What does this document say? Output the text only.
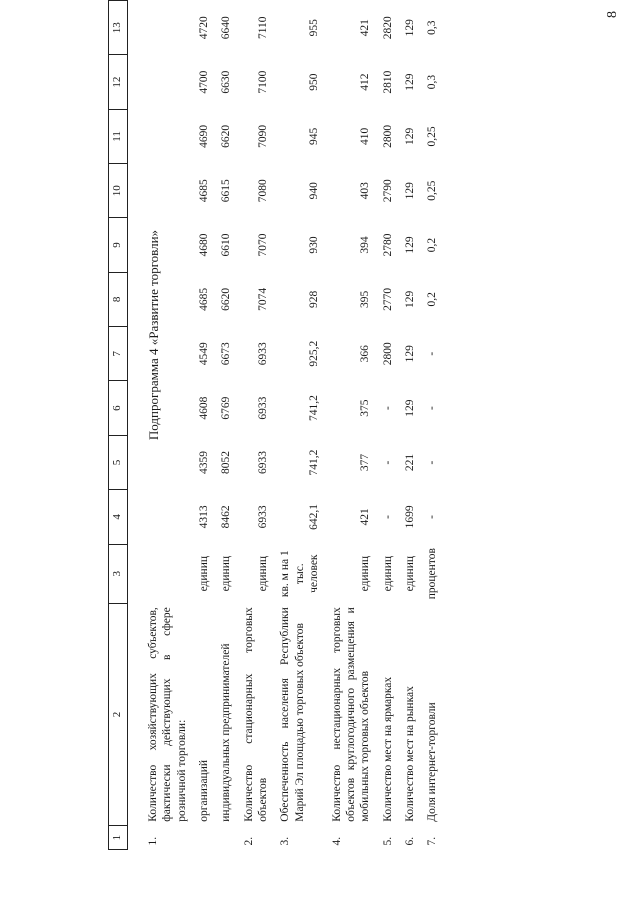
8
Подпрограмма 4 «Развитие торговли»
1	2	3	4	5	6	7	8	9	10	11	12	13
1.	Количество хозяйствующих субъектов, фактически действующих в сфере розничной торговли:											
	организаций	единиц	4313	4359	4608	4549	4685	4680	4685	4690	4700	4720
	индивидуальных предпринимателей	единиц	8462	8052	6769	6673	6620	6610	6615	6620	6630	6640
2.	Количество стационарных торговых объектов	единиц	6933	6933	6933	6933	7074	7070	7080	7090	7100	7110
3.	Обеспеченность населения Республики Марий Эл площадью торговых объектов	кв. м на 1 тыс. человек	642,1	741,2	741,2	925,2	928	930	940	945	950	955
4.	Количество нестационарных торговых объектов круглогодичного размещения и мобильных торговых объектов	единиц	421	377	375	366	395	394	403	410	412	421
5.	Количество мест на ярмарках	единиц	-	-	-	2800	2770	2780	2790	2800	2810	2820
6.	Количество мест на рынках	единиц	1699	221	129	129	129	129	129	129	129	129
7.	Доля интернет-торговли	процентов	-	-	-	-	0,2	0,2	0,25	0,25	0,3	0,3
